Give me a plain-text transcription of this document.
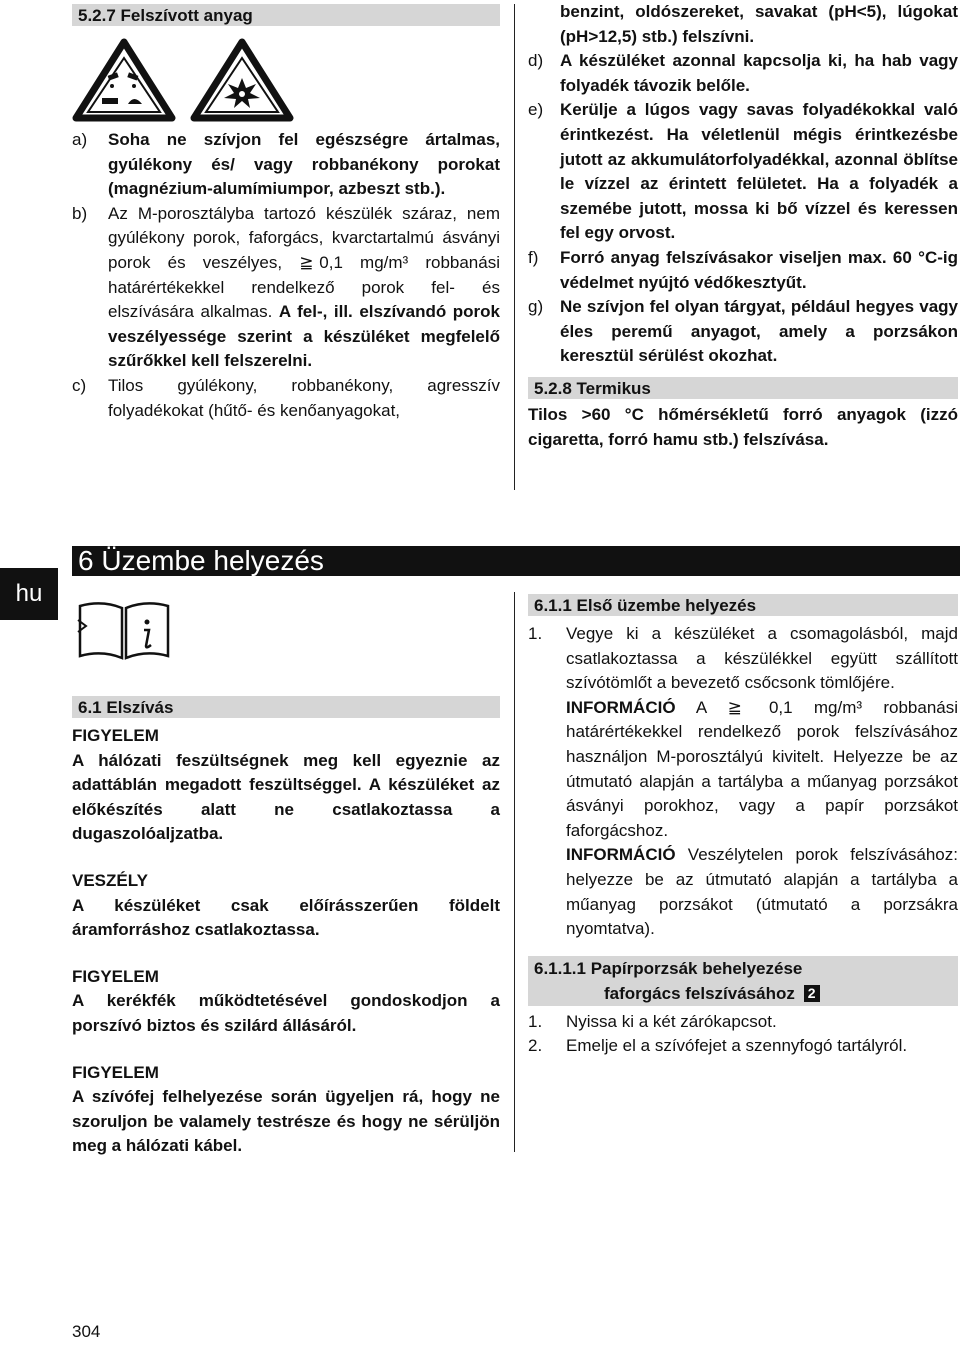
5.2.7 Felszívott anyag
a)	Soha ne szívjon fel egészségre ártalmas, gyúlékony és/ vagy robbanékony porokat (magnézium-alumímiumpor, azbeszt stb.).
b)	Az M-porosztályba tartozó készülék száraz, nem gyúlékony porok, faforgács, kvarctartalmú ásványi porok és veszélyes, ≧ 0,1 mg/m³ robbanási határértékekkel rendelkező porok fel- és elszívására alkalmas. A fel-, ill. elszívandó porok veszélyessége szerint a készüléket megfelelő szűrőkkel kell felszerelni.
c)	Tilos gyúlékony, robbanékony, agresszív folyadékokat (hűtő- és kenőanyagokat,
benzint, oldószereket, savakat (pH<5), lúgokat (pH>12,5) stb.) felszívni.
d) A készüléket azonnal kapcsolja ki, ha hab vagy folyadék távozik belőle.
e) Kerülje a lúgos vagy savas folyadékokkal való érintkezést. Ha véletlenül mégis érintkezésbe jutott az akkumulátorfolyadékkal, azonnal öblítse le vízzel az érintett felületet. Ha a folyadék a szemébe jutott, mossa ki bő vízzel és keressen fel egy orvost.
f)	Forró anyag felszívásakor viseljen max. 60 °C-ig védelmet nyújtó védőkesztyűt.
g) Ne szívjon fel olyan tárgyat, például hegyes vagy éles peremű anyagot, amely a porzsákon keresztül sérülést okozhat.
5.2.8 Termikus
Tilos >60 °C hőmérsékletű forró anyagok (izzó cigaretta, forró hamu stb.) felszívása.
hu
6 Üzembe helyezés
6.1 Elszívás
FIGYELEM
A hálózati feszültségnek meg kell egyeznie az adattáblán megadott feszültséggel. A készüléket az előkészítés alatt ne csatlakoztassa a dugaszolóaljzatba.
VESZÉLY
A készüléket csak előírásszerűen földelt áramforráshoz csatlakoztassa.
FIGYELEM
A kerékfék működtetésével gondoskodjon a porszívó biztos és szilárd állásáról.
FIGYELEM
A szívófej felhelyezése során ügyeljen rá, hogy ne szoruljon be valamely testrésze és hogy ne sérüljön meg a hálózati kábel.
6.1.1 Első üzembe helyezés
1.	Vegye ki a készüléket a csomagolásból, majd csatlakoztassa a készülékkel együtt szállított szívótömlőt a bevezető csőcsonk tömlőjére.
INFORMÁCIÓ A ≧ 0,1 mg/m³ robbanási határértékekkel rendelkező porok felszívásához használjon M-porosztályú kivitelt. Helyezze be az útmutató alapján a tartályba a műanyag porzsákot ásványi porokhoz, vagy a papír porzsákot faforgácshoz.
INFORMÁCIÓ Veszélytelen porok felszívásához: helyezze be az útmutató alapján a tartályba a műanyag porzsákot (útmutató a porzsákra nyomtatva).
6.1.1.1 Papírporzsák behelyezése
faforgács felszívásához 2
1.	Nyissa ki a két zárókapcsot.
2.	Emelje el a szívófejet a szennyfogó tartályról.
304
